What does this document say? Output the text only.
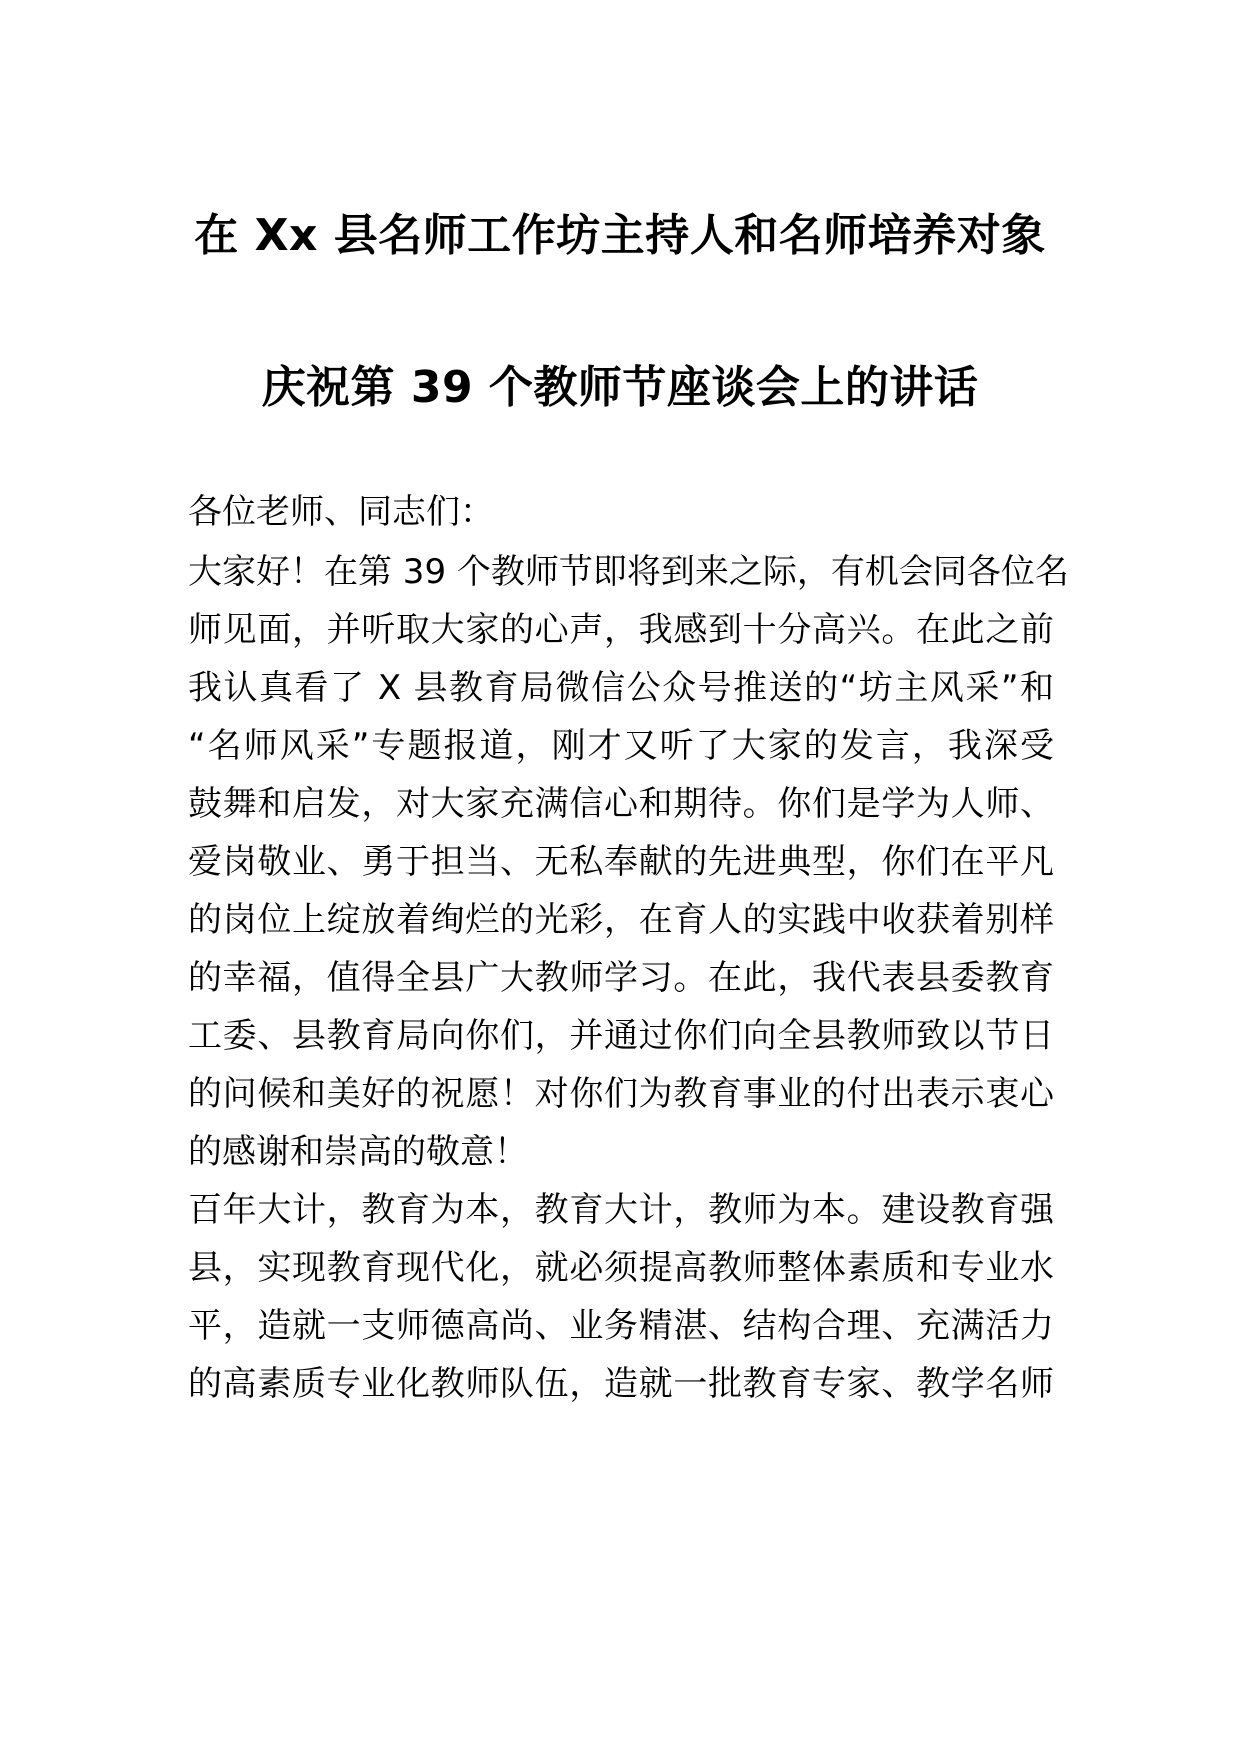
在 Xx 县名师工作坊主持人和名师培养对象
庆祝第 39 个教师节座谈会上的讲话
各位老师、同志们：
大家好！在第 39 个教师节即将到来之际，有机会同各位名
师见面，并听取大家的心声，我感到十分高兴。在此之前
我认真看了 X 县教育局微信公众号推送的“坊主风采”和
“名师风采”专题报道，刚才又听了大家的发言，我深受
鼓舞和启发，对大家充满信心和期待。你们是学为人师、
爱岗敬业、勇于担当、无私奉献的先进典型，你们在平凡
的岗位上绽放着绚烂的光彩，在育人的实践中收获着别样
的幸福，值得全县广大教师学习。在此，我代表县委教育
工委、县教育局向你们，并通过你们向全县教师致以节日
的问候和美好的祝愿！对你们为教育事业的付出表示衷心
的感谢和崇高的敬意！
百年大计，教育为本，教育大计，教师为本。建设教育强
县，实现教育现代化，就必须提高教师整体素质和专业水
平，造就一支师德高尚、业务精湛、结构合理、充满活力
的高素质专业化教师队伍，造就一批教育专家、教学名师
